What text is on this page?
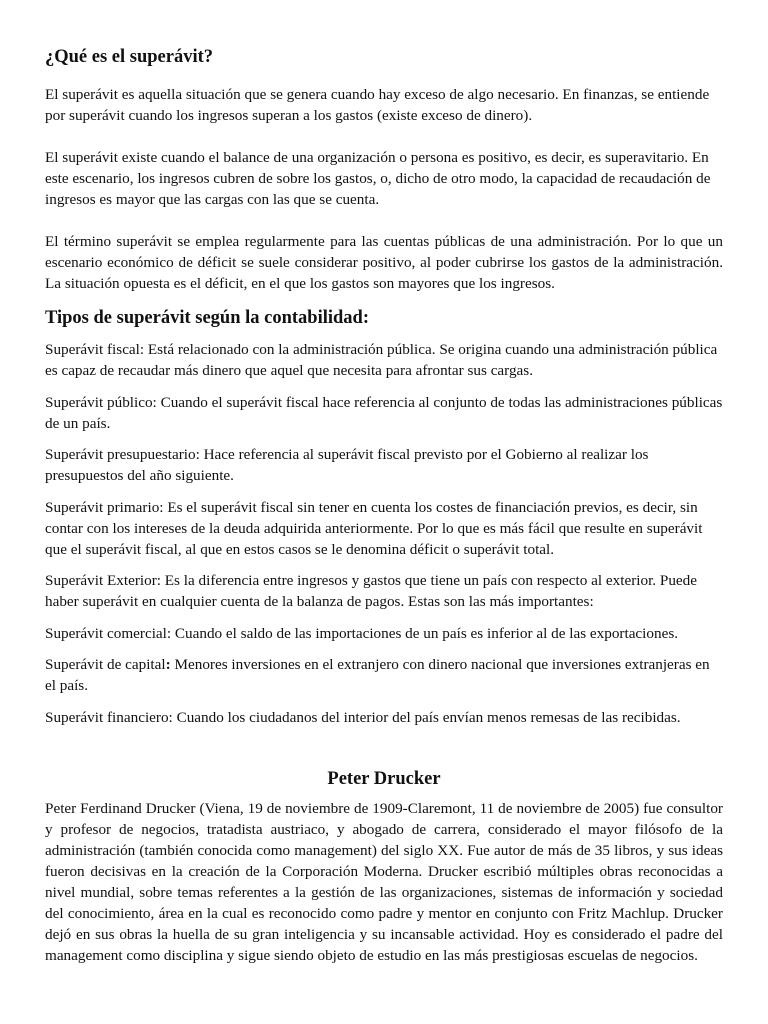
¿Qué es el superávit?

El superávit es aquella situación que se genera cuando hay exceso de algo necesario. En finanzas, se entiende por superávit cuando los ingresos superan a los gastos (existe exceso de dinero).

El superávit existe cuando el balance de una organización o persona es positivo, es decir, es superavitario. En este escenario, los ingresos cubren de sobre los gastos, o, dicho de otro modo, la capacidad de recaudación de ingresos es mayor que las cargas con las que se cuenta.

El término superávit se emplea regularmente para las cuentas públicas de una administración. Por lo que un escenario económico de déficit se suele considerar positivo, al poder cubrirse los gastos de la administración. La situación opuesta es el déficit, en el que los gastos son mayores que los ingresos.

Tipos de superávit según la contabilidad:

Superávit fiscal: Está relacionado con la administración pública. Se origina cuando una administración pública es capaz de recaudar más dinero que aquel que necesita para afrontar sus cargas.

Superávit público: Cuando el superávit fiscal hace referencia al conjunto de todas las administraciones públicas de un país.

Superávit presupuestario: Hace referencia al superávit fiscal previsto por el Gobierno al realizar los presupuestos del año siguiente.

Superávit primario: Es el superávit fiscal sin tener en cuenta los costes de financiación previos, es decir, sin contar con los intereses de la deuda adquirida anteriormente. Por lo que es más fácil que resulte en superávit que el superávit fiscal, al que en estos casos se le denomina déficit o superávit total.

Superávit Exterior: Es la diferencia entre ingresos y gastos que tiene un país con respecto al exterior. Puede haber superávit en cualquier cuenta de la balanza de pagos. Estas son las más importantes:

Superávit comercial: Cuando el saldo de las importaciones de un país es inferior al de las exportaciones.

Superávit de capital: Menores inversiones en el extranjero con dinero nacional que inversiones extranjeras en el país.

Superávit financiero: Cuando los ciudadanos del interior del país envían menos remesas de las recibidas.

Peter Drucker

Peter Ferdinand Drucker (Viena, 19 de noviembre de 1909-Claremont, 11 de noviembre de 2005) fue consultor y profesor de negocios, tratadista austriaco, y abogado de carrera, considerado el mayor filósofo de la administración (también conocida como management) del siglo XX. Fue autor de más de 35 libros, y sus ideas fueron decisivas en la creación de la Corporación Moderna. Drucker escribió múltiples obras reconocidas a nivel mundial, sobre temas referentes a la gestión de las organizaciones, sistemas de información y sociedad del conocimiento, área en la cual es reconocido como padre y mentor en conjunto con Fritz Machlup. Drucker dejó en sus obras la huella de su gran inteligencia y su incansable actividad. Hoy es considerado el padre del management como disciplina y sigue siendo objeto de estudio en las más prestigiosas escuelas de negocios.
